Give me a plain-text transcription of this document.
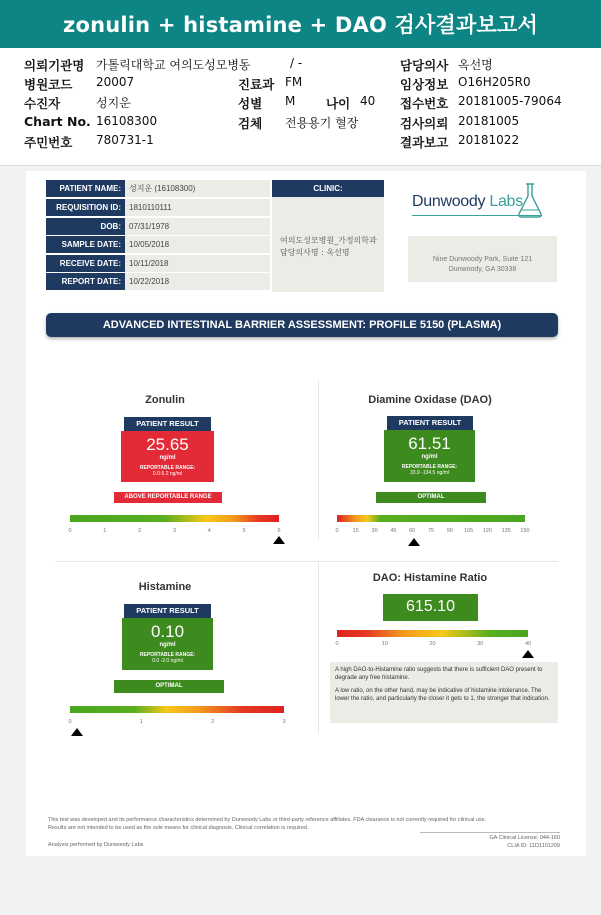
zonulin + histamine + DAO 검사결과보고서
의뢰기관명 가톨릭대학교 여의도성모병동	/ -
병원코드 20007
수진자	성지운
Chart No. 16108300
주민번호 780731-1
진료과 FM
성별 M 나이 40
검체 전용용기 혈장
담당의사 옥선명
임상정보 O16H205R0
접수번호 20181005-79064
검사의뢰 20181005
결과보고 20181022
PATIENT NAME:	성지운 (16108300)
REQUISITION ID:	1810110111
DOB:	07/31/1978
SAMPLE DATE:	10/05/2018
RECEIVE DATE:	10/11/2018
REPORT DATE:	10/22/2018
CLINIC:
여의도성모병원_가정의학과
담당의사명 : 옥선명
Dunwoody Labs
Nine Dunwoody Park, Suite 121
Dunwoody, GA 30338
ADVANCED INTESTINAL BARRIER ASSESSMENT: PROFILE 5150 (PLASMA)
Zonulin
PATIENT RESULT
25.65
ng/ml
REPORTABLE RANGE:
0.0-5.2 ng/ml
ABOVE REPORTABLE RANGE
0	1	2	3	4	5	6
Diamine Oxidase (DAO)
PATIENT RESULT
61.51
ng/ml
REPORTABLE RANGE:
33.9 -134.5 ng/ml
OPTIMAL
0	15 30 45 60 75 90 105 120 135 150
Histamine
PATIENT RESULT
0.10
ng/ml
REPORTABLE RANGE:
0.0 -2.0 ng/ml
OPTIMAL
0	1	2	3
DAO: Histamine Ratio
615.10
0	10	20	30	40

A high DAO-to-Histamine ratio suggests that there is sufficient DAO present to degrade any free histamine.

A low ratio, on the other hand, may be indicative of histamine intolerance. The lower the ratio, and particularly the closer it gets to 1, the stronger that indication.

This test was developed and its performance characteristics determined by Dunwoody Labs or third-party reference affiliates. FDA clearance is not currently required for clinical use.
Results are not intended to be used as the sole means for clinical diagnosis. Clinical correlation is required.
Analysis performed by Dunwoody Labs
GA Clinical License: 044-160
CLIA ID: 11D1101209
